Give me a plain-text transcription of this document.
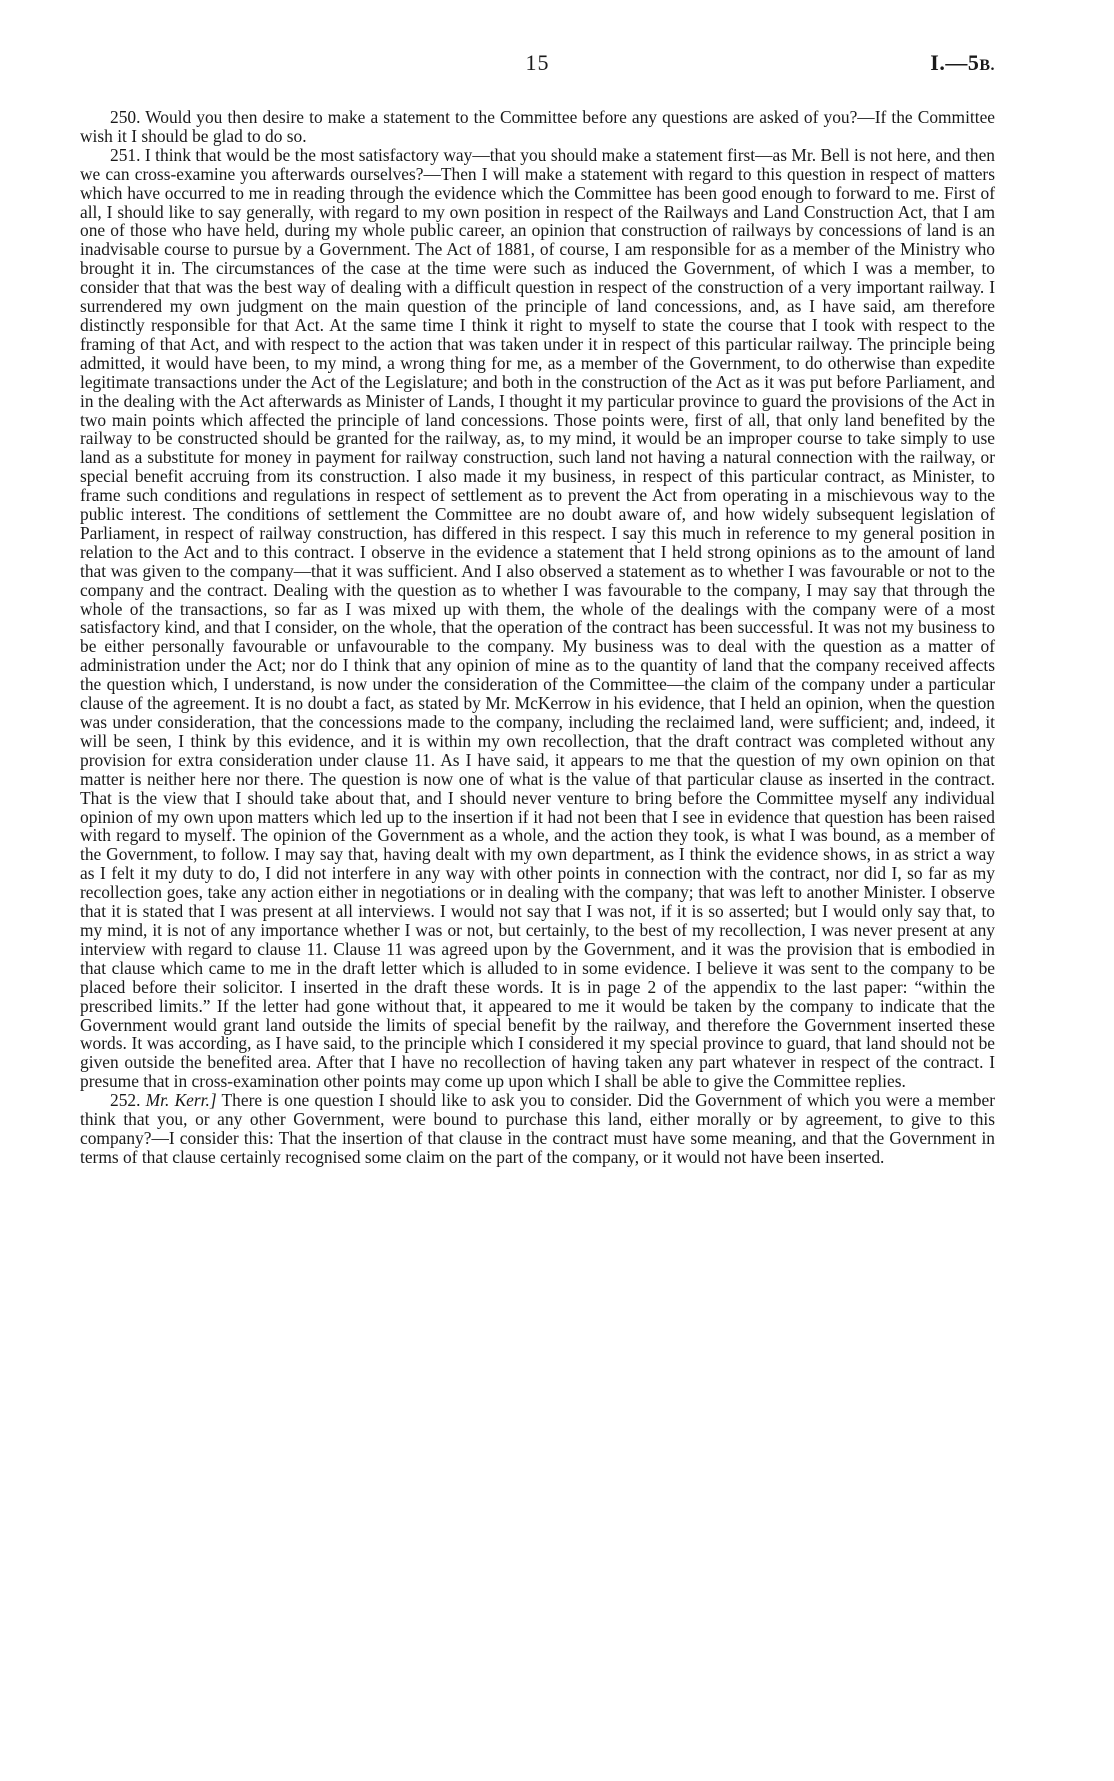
15	I.—5B.

250. Would you then desire to make a statement to the Committee before any questions are asked of you?—If the Committee wish it I should be glad to do so.

251. I think that would be the most satisfactory way—that you should make a statement first—as Mr. Bell is not here, and then we can cross-examine you afterwards ourselves?—Then I will make a statement with regard to this question in respect of matters which have occurred to me in reading through the evidence which the Committee has been good enough to forward to me. First of all, I should like to say generally, with regard to my own position in respect of the Railways and Land Construction Act, that I am one of those who have held, during my whole public career, an opinion that construction of railways by concessions of land is an inadvisable course to pursue by a Government. The Act of 1881, of course, I am responsible for as a member of the Ministry who brought it in. The circumstances of the case at the time were such as induced the Government, of which I was a member, to consider that that was the best way of dealing with a difficult question in respect of the construction of a very important railway. I surrendered my own judgment on the main question of the principle of land concessions, and, as I have said, am therefore distinctly responsible for that Act. At the same time I think it right to myself to state the course that I took with respect to the framing of that Act, and with respect to the action that was taken under it in respect of this particular railway. The principle being admitted, it would have been, to my mind, a wrong thing for me, as a member of the Government, to do otherwise than expedite legitimate transactions under the Act of the Legislature; and both in the construction of the Act as it was put before Parliament, and in the dealing with the Act afterwards as Minister of Lands, I thought it my particular province to guard the provisions of the Act in two main points which affected the principle of land concessions. Those points were, first of all, that only land benefited by the railway to be constructed should be granted for the railway, as, to my mind, it would be an improper course to take simply to use land as a substitute for money in payment for railway construction, such land not having a natural connection with the railway, or special benefit accruing from its construction. I also made it my business, in respect of this particular contract, as Minister, to frame such conditions and regulations in respect of settlement as to prevent the Act from operating in a mischievous way to the public interest. The conditions of settlement the Committee are no doubt aware of, and how widely subsequent legislation of Parliament, in respect of railway construction, has differed in this respect. I say this much in reference to my general position in relation to the Act and to this contract. I observe in the evidence a statement that I held strong opinions as to the amount of land that was given to the company—that it was sufficient. And I also observed a statement as to whether I was favourable or not to the company and the contract. Dealing with the question as to whether I was favourable to the company, I may say that through the whole of the transactions, so far as I was mixed up with them, the whole of the dealings with the company were of a most satisfactory kind, and that I consider, on the whole, that the operation of the contract has been successful. It was not my business to be either personally favourable or unfavourable to the company. My business was to deal with the question as a matter of administration under the Act; nor do I think that any opinion of mine as to the quantity of land that the company received affects the question which, I understand, is now under the consideration of the Committee—the claim of the company under a particular clause of the agreement. It is no doubt a fact, as stated by Mr. McKerrow in his evidence, that I held an opinion, when the question was under consideration, that the concessions made to the company, including the reclaimed land, were sufficient; and, indeed, it will be seen, I think by this evidence, and it is within my own recollection, that the draft contract was completed without any provision for extra consideration under clause 11. As I have said, it appears to me that the question of my own opinion on that matter is neither here nor there. The question is now one of what is the value of that particular clause as inserted in the contract. That is the view that I should take about that, and I should never venture to bring before the Committee myself any individual opinion of my own upon matters which led up to the insertion if it had not been that I see in evidence that question has been raised with regard to myself. The opinion of the Government as a whole, and the action they took, is what I was bound, as a member of the Government, to follow. I may say that, having dealt with my own department, as I think the evidence shows, in as strict a way as I felt it my duty to do, I did not interfere in any way with other points in connection with the contract, nor did I, so far as my recollection goes, take any action either in negotiations or in dealing with the company; that was left to another Minister. I observe that it is stated that I was present at all interviews. I would not say that I was not, if it is so asserted; but I would only say that, to my mind, it is not of any importance whether I was or not, but certainly, to the best of my recollection, I was never present at any interview with regard to clause 11. Clause 11 was agreed upon by the Government, and it was the provision that is embodied in that clause which came to me in the draft letter which is alluded to in some evidence. I believe it was sent to the company to be placed before their solicitor. I inserted in the draft these words. It is in page 2 of the appendix to the last paper: “within the prescribed limits.” If the letter had gone without that, it appeared to me it would be taken by the company to indicate that the Government would grant land outside the limits of special benefit by the railway, and therefore the Government inserted these words. It was according, as I have said, to the principle which I considered it my special province to guard, that land should not be given outside the benefited area. After that I have no recollection of having taken any part whatever in respect of the contract. I presume that in cross-examination other points may come up upon which I shall be able to give the Committee replies.

252. Mr. Kerr.] There is one question I should like to ask you to consider. Did the Government of which you were a member think that you, or any other Government, were bound to purchase this land, either morally or by agreement, to give to this company?—I consider this: That the insertion of that clause in the contract must have some meaning, and that the Government in terms of that clause certainly recognised some claim on the part of the company, or it would not have been inserted.
